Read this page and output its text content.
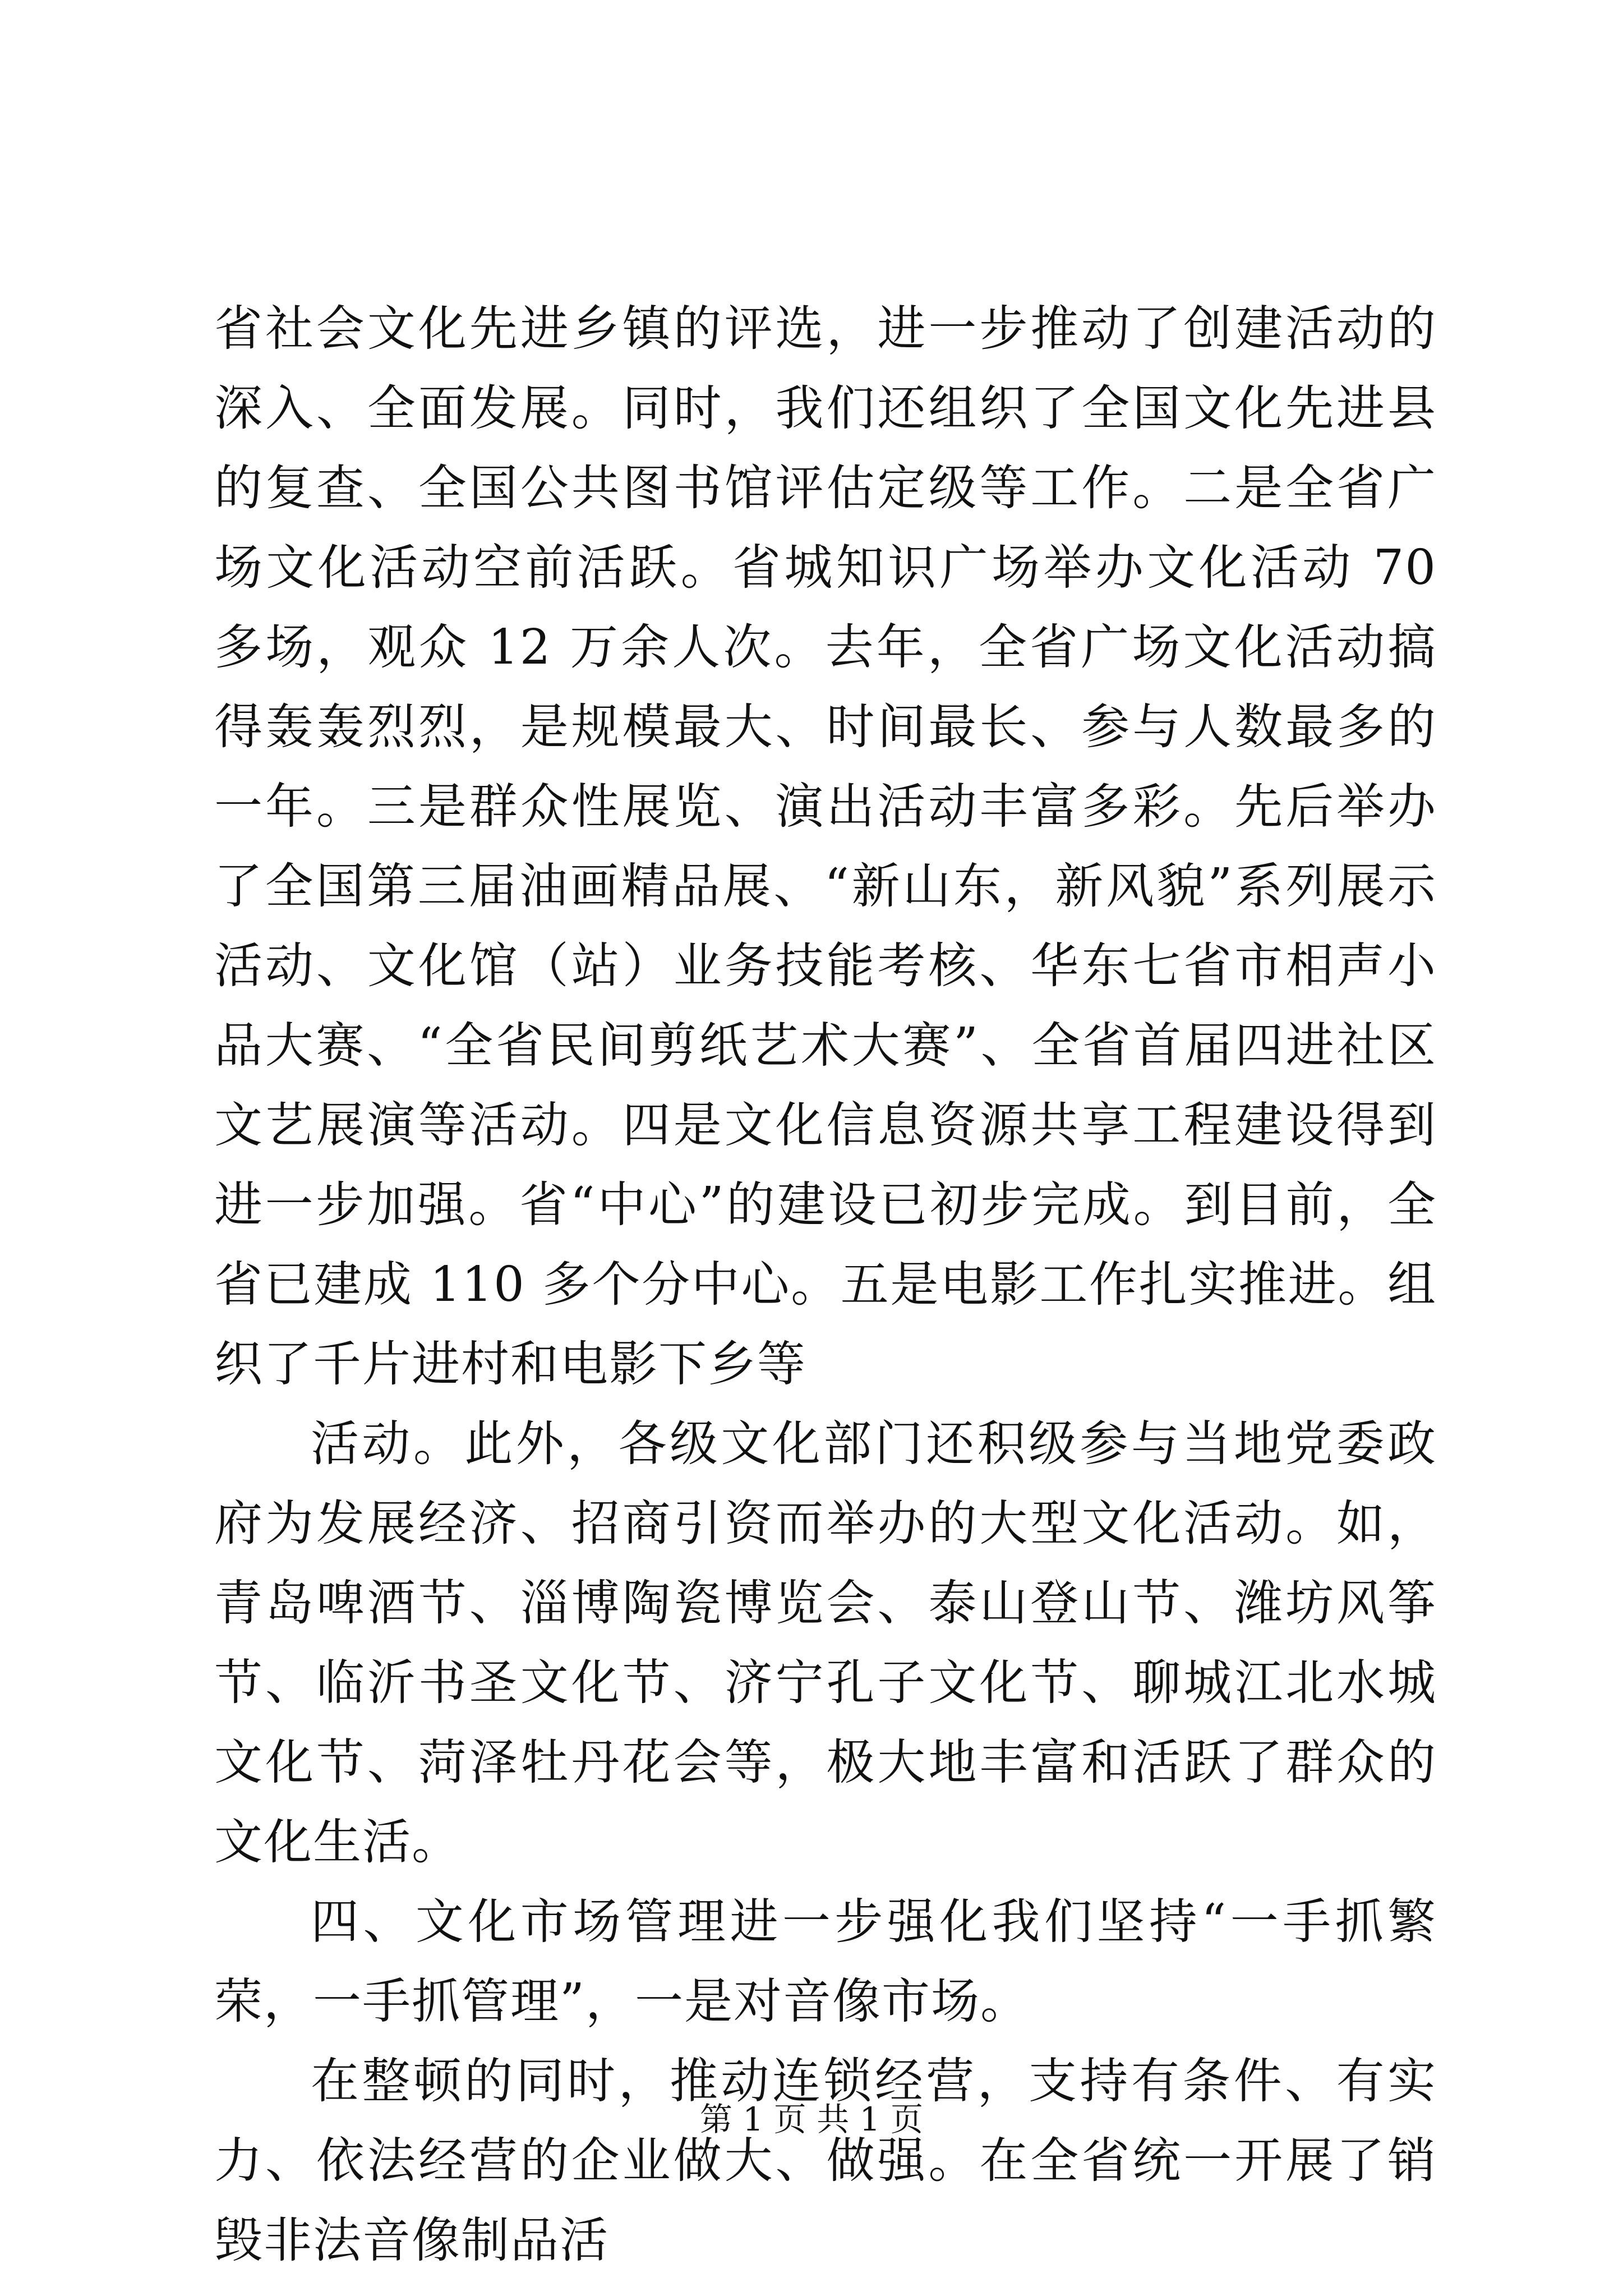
省社会文化先进乡镇的评选，进一步推动了创建活动的深入、全面发展。同时，我们还组织了全国文化先进县的复查、全国公共图书馆评估定级等工作。二是全省广场文化活动空前活跃。省城知识广场举办文化活动 70 多场，观众 12 万余人次。去年，全省广场文化活动搞得轰轰烈烈，是规模最大、时间最长、参与人数最多的一年。三是群众性展览、演出活动丰富多彩。先后举办了全国第三届油画精品展、“新山东，新风貌”系列展示活动、文化馆（站）业务技能考核、华东七省市相声小品大赛、“全省民间剪纸艺术大赛”、全省首届四进社区文艺展演等活动。四是文化信息资源共享工程建设得到进一步加强。省“中心”的建设已初步完成。到目前，全省已建成 110 多个分中心。五是电影工作扎实推进。组织了千片进村和电影下乡等

活动。此外，各级文化部门还积级参与当地党委政府为发展经济、招商引资而举办的大型文化活动。如，青岛啤酒节、淄博陶瓷博览会、泰山登山节、潍坊风筝节、临沂书圣文化节、济宁孔子文化节、聊城江北水城文化节、菏泽牡丹花会等，极大地丰富和活跃了群众的文化生活。

四、文化市场管理进一步强化我们坚持“一手抓繁荣，一手抓管理”，一是对音像市场。

在整顿的同时，推动连锁经营，支持有条件、有实力、依法经营的企业做大、做强。在全省统一开展了销毁非法音像制品活

第 1 页 共 1 页
